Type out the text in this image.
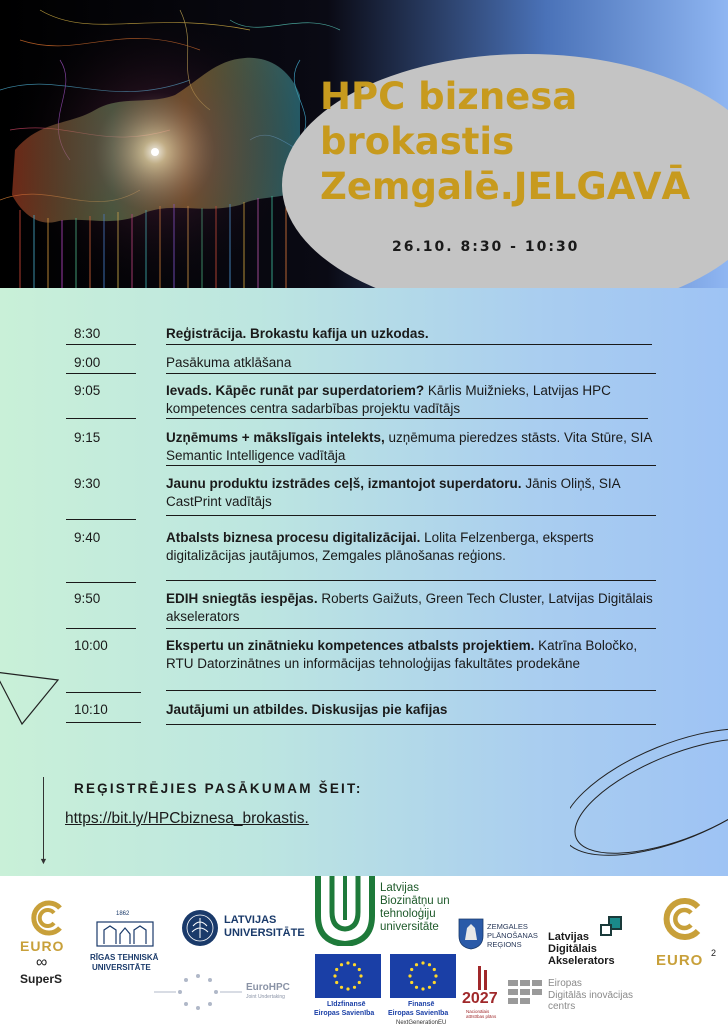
HPC biznesa
brokastis
Zemgalē.JELGAVĀ
26.10. 8:30 - 10:30
8:30	Reģistrācija. Brokastu kafija un uzkodas.
9:00	Pasākuma atklāšana
9:05	Ievads. Kāpēc runāt par superdatoriem? Kārlis Muižnieks, Latvijas HPC kompetences centra sadarbības projektu vadītājs
9:15	Uzņēmums + mākslīgais intelekts, uzņēmuma pieredzes stāsts. Vita Stūre, SIA Semantic Intelligence vadītāja
9:30	Jaunu produktu izstrādes ceļš, izmantojot superdatoru. Jānis Oliņš, SIA CastPrint vadītājs
9:40	Atbalsts biznesa procesu digitalizācijai. Lolita Felzenberga, eksperts digitalizācijas jautājumos, Zemgales plānošanas reģions.
9:50	EDIH sniegtās iespējas. Roberts Gaižuts, Green Tech Cluster, Latvijas Digitālais akselerators
10:00	Ekspertu un zinātnieku kompetences atbalsts projektiem. Katrīna Boločko, RTU Datorzinātnes un informācijas tehnoloģijas fakultātes prodekāne
10:10	Jautājumi un atbildes. Diskusijas pie kafijas
▼
REĢISTRĒJIES PASĀKUMAM ŠEIT:
https://bit.ly/HPCbiznesa_brokastis.
EURO
∞
SuperS
1862
RĪGAS TEHNISKĀ
UNIVERSITĀTE
LATVIJAS
UNIVERSITĀTE
EuroHPC
Joint Undertaking
Latvijas
Biozinātņu un
tehnoloģiju
universitāte
Līdzfinansē
Eiropas Savienība
Finansē
Eiropas Savienība
NextGenerationEU
ZEMGALES
PLĀNOŠANAS
REĢIONS
Latvijas
Digitālais
Akselerators
2027
Nacionālais
attīstības plāns
Eiropas
Digitālās inovācijas
centrs
EURO 2
